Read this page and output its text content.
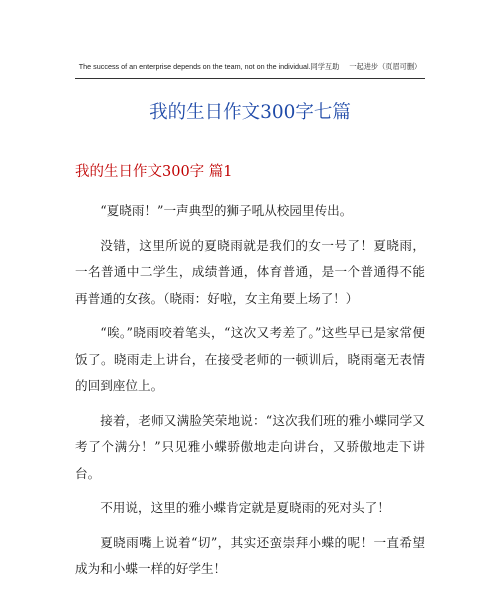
The success of an enterprise depends on the team, not on the individual.同学互助 一起进步（页眉可删）
我的生日作文300字七篇
我的生日作文300字 篇1

“夏晓雨！”一声典型的狮子吼从校园里传出。

没错，这里所说的夏晓雨就是我们的女一号了！夏晓雨，一名普通中二学生，成绩普通，体育普通，是一个普通得不能再普通的女孩。（晓雨：好啦，女主角要上场了！）

“唉。”晓雨咬着笔头，“这次又考差了。”这些早已是家常便饭了。晓雨走上讲台，在接受老师的一顿训后，晓雨毫无表情的回到座位上。

接着，老师又满脸笑荣地说：“这次我们班的雅小蝶同学又考了个满分！”只见雅小蝶骄傲地走向讲台，又骄傲地走下讲台。

不用说，这里的雅小蝶肯定就是夏晓雨的死对头了！

夏晓雨嘴上说着“切”，其实还蛮崇拜小蝶的呢！一直希望成为和小蝶一样的好学生！
